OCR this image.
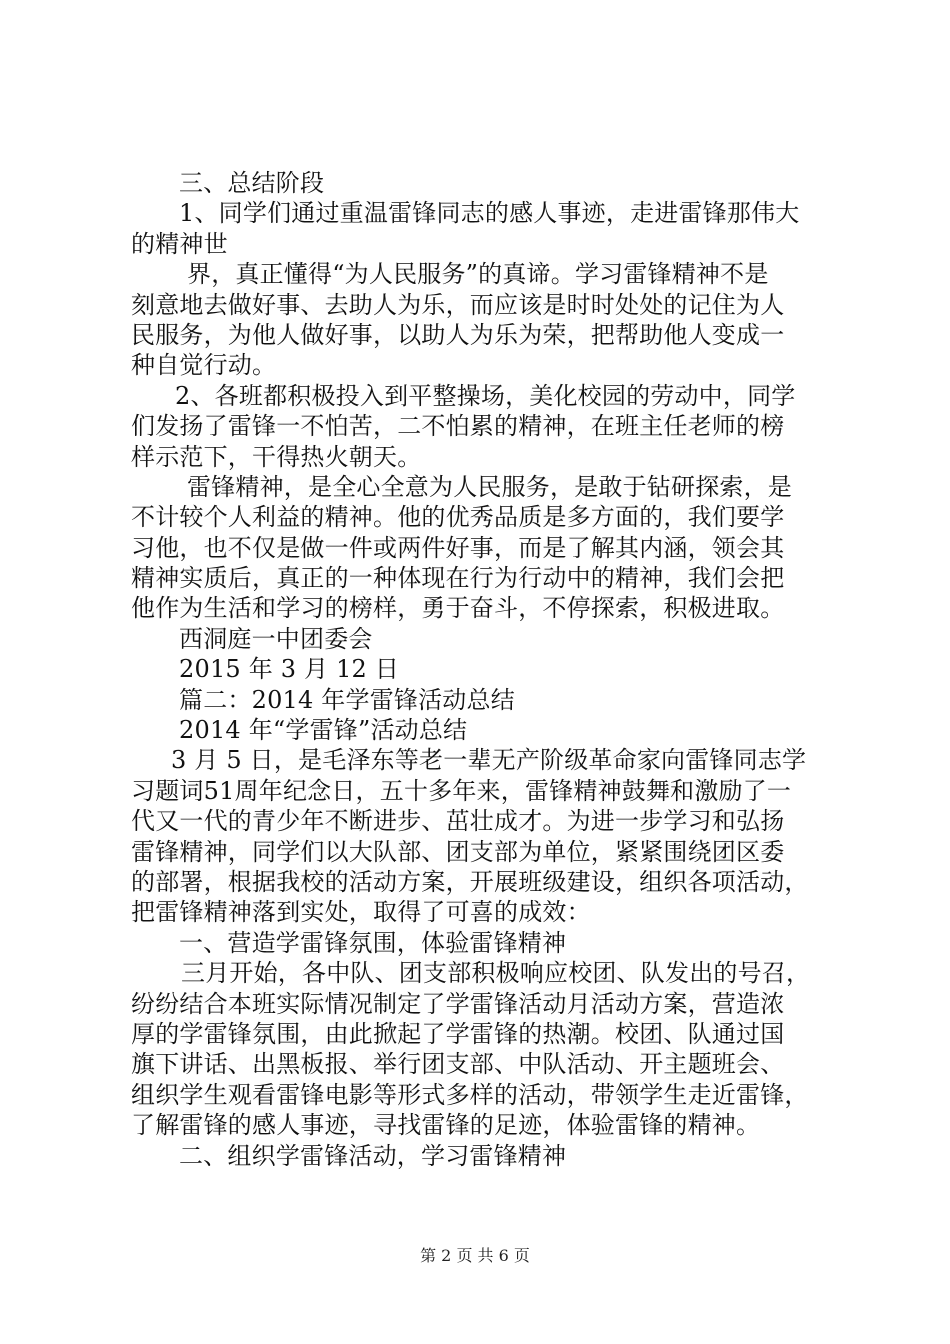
三、总结阶段
1、同学们通过重温雷锋同志的感人事迹，走进雷锋那伟大
的精神世
界，真正懂得“为人民服务”的真谛。学习雷锋精神不是
刻意地去做好事、去助人为乐，而应该是时时处处的记住为人
民服务，为他人做好事，以助人为乐为荣，把帮助他人变成一
种自觉行动。
2、各班都积极投入到平整操场，美化校园的劳动中，同学
们发扬了雷锋一不怕苦，二不怕累的精神，在班主任老师的榜
样示范下，干得热火朝天。
雷锋精神，是全心全意为人民服务，是敢于钻研探索，是
不计较个人利益的精神。他的优秀品质是多方面的，我们要学
习他，也不仅是做一件或两件好事，而是了解其内涵，领会其
精神实质后，真正的一种体现在行为行动中的精神，我们会把
他作为生活和学习的榜样，勇于奋斗，不停探索，积极进取。
西洞庭一中团委会
2015 年 3 月 12 日
篇二：2014 年学雷锋活动总结
2014 年“学雷锋”活动总结
3 月 5 日，是毛泽东等老一辈无产阶级革命家向雷锋同志学
习题词51周年纪念日，五十多年来，雷锋精神鼓舞和激励了一
代又一代的青少年不断进步、茁壮成才。为进一步学习和弘扬
雷锋精神，同学们以大队部、团支部为单位，紧紧围绕团区委
的部署，根据我校的活动方案，开展班级建设，组织各项活动，
把雷锋精神落到实处，取得了可喜的成效：
一、营造学雷锋氛围，体验雷锋精神
三月开始，各中队、团支部积极响应校团、队发出的号召，
纷纷结合本班实际情况制定了学雷锋活动月活动方案，营造浓
厚的学雷锋氛围，由此掀起了学雷锋的热潮。校团、队通过国
旗下讲话、出黑板报、举行团支部、中队活动、开主题班会、
组织学生观看雷锋电影等形式多样的活动，带领学生走近雷锋，
了解雷锋的感人事迹，寻找雷锋的足迹，体验雷锋的精神。
二、组织学雷锋活动，学习雷锋精神
第 2 页 共 6 页
